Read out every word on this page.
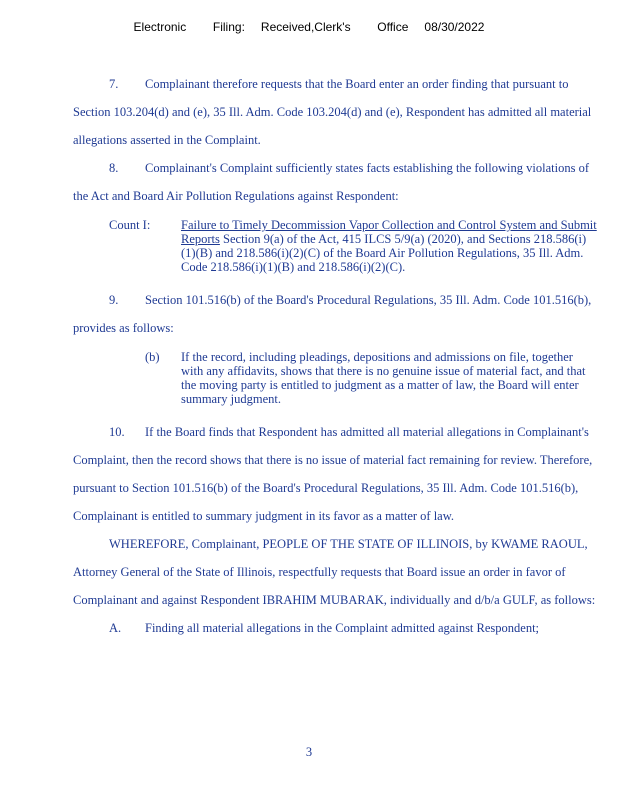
Electronic Filing: Received,Clerk's Office 08/30/2022

7. Complainant therefore requests that the Board enter an order finding that pursuant to Section 103.204(d) and (e), 35 Ill. Adm. Code 103.204(d) and (e), Respondent has admitted all material allegations asserted in the Complaint.

8. Complainant's Complaint sufficiently states facts establishing the following violations of the Act and Board Air Pollution Regulations against Respondent:

Count I:	Failure to Timely Decommission Vapor Collection and Control System and Submit Reports Section 9(a) of the Act, 415 ILCS 5/9(a) (2020), and Sections 218.586(i)(1)(B) and 218.586(i)(2)(C) of the Board Air Pollution Regulations, 35 Ill. Adm. Code 218.586(i)(1)(B) and 218.586(i)(2)(C).

9. Section 101.516(b) of the Board's Procedural Regulations, 35 Ill. Adm. Code 101.516(b), provides as follows:

(b)	If the record, including pleadings, depositions and admissions on file, together with any affidavits, shows that there is no genuine issue of material fact, and that the moving party is entitled to judgment as a matter of law, the Board will enter summary judgment.

10. If the Board finds that Respondent has admitted all material allegations in Complainant's Complaint, then the record shows that there is no issue of material fact remaining for review. Therefore, pursuant to Section 101.516(b) of the Board's Procedural Regulations, 35 Ill. Adm. Code 101.516(b), Complainant is entitled to summary judgment in its favor as a matter of law.

WHEREFORE, Complainant, PEOPLE OF THE STATE OF ILLINOIS, by KWAME RAOUL, Attorney General of the State of Illinois, respectfully requests that Board issue an order in favor of Complainant and against Respondent IBRAHIM MUBARAK, individually and d/b/a GULF, as follows:

A. Finding all material allegations in the Complaint admitted against Respondent;

3
